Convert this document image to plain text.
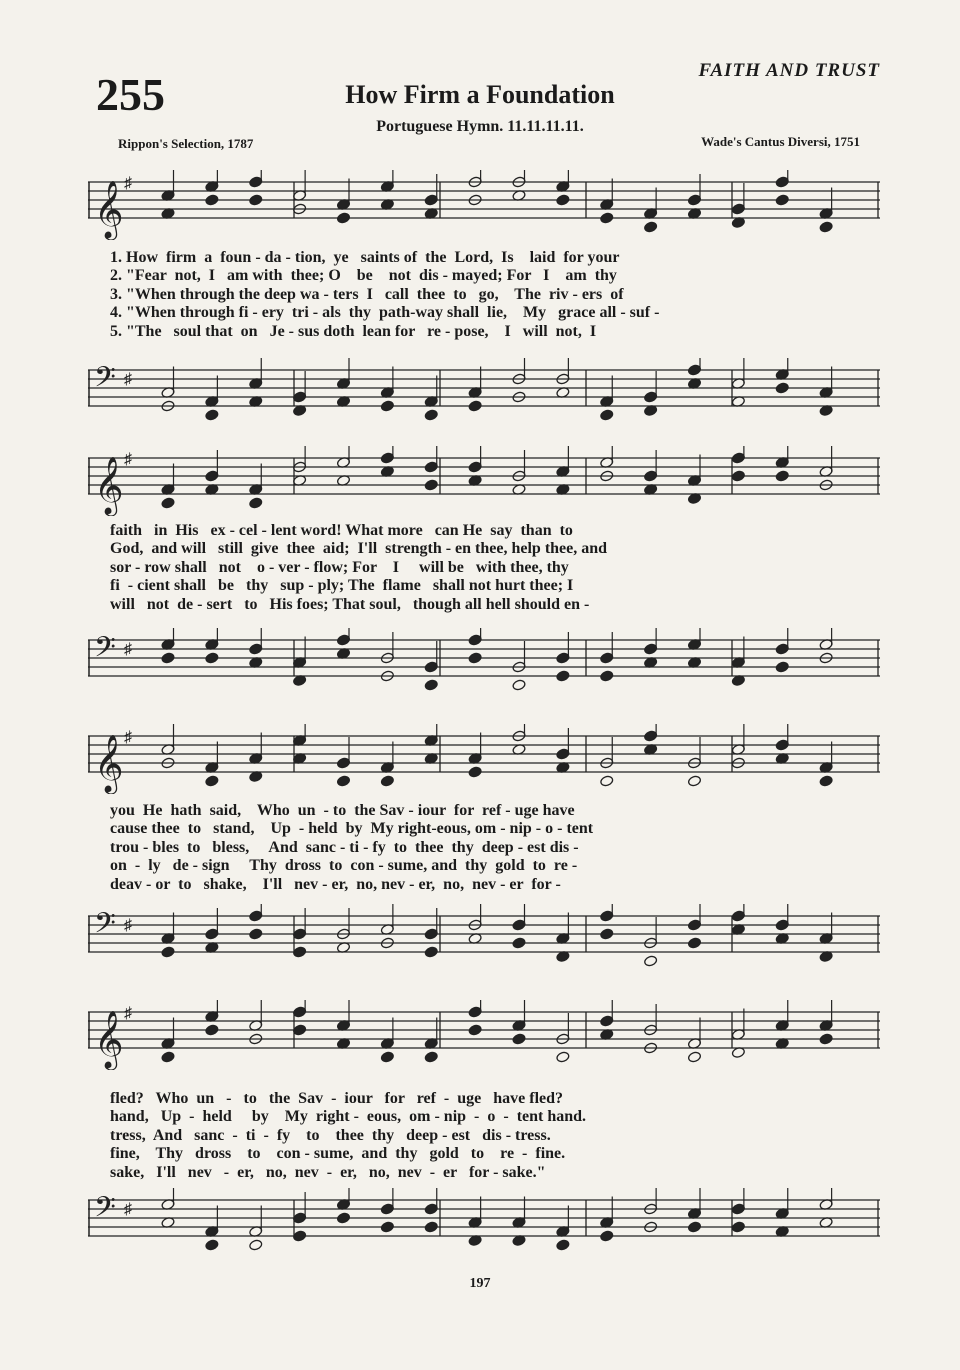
255	FAITH AND TRUST
How Firm a Foundation
Portuguese Hymn. 11.11.11.11.
Rippon's Selection, 1787	Wade's Cantus Diversi, 1751
𝄞 ♯
1. How  firm  a  foun - da - tion,  ye   saints of  the  Lord,  Is    laid  for your
2. "Fear  not,  I   am with  thee; O    be    not  dis - mayed; For   I    am  thy
3. "When through the deep wa - ters  I   call  thee  to   go,    The  riv - ers  of
4. "When through fi - ery  tri - als  thy  path-way shall  lie,    My   grace all - suf -
5. "The   soul that  on   Je - sus doth  lean for   re - pose,    I   will  not,  I
𝄢 ♯
𝄞 ♯
faith   in  His   ex - cel - lent word! What more   can He  say  than  to
God,  and will   still  give  thee  aid;  I'll  strength - en thee, help thee, and
sor - row shall   not    o - ver - flow; For    I     will be   with thee, thy
fi  - cient shall   be   thy   sup - ply; The  flame   shall not hurt thee; I
will   not  de - sert   to   His foes; That soul,   though all hell should en -
𝄢 ♯
𝄞 ♯
you  He  hath  said,    Who  un  - to  the Sav - iour  for  ref - uge have
cause thee  to   stand,    Up  - held  by  My right-eous, om - nip - o - tent
trou - bles  to   bless,     And  sanc - ti - fy  to  thee  thy  deep - est dis -
on  -  ly   de - sign     Thy  dross  to  con - sume, and  thy  gold  to  re -
deav - or  to   shake,    I'll   nev - er,  no, nev - er,  no,  nev - er  for -
𝄢 ♯
𝄞 ♯
fled?   Who  un   -   to   the  Sav  -  iour   for   ref  -  uge   have fled?
hand,   Up  -  held     by    My  right -  eous,  om - nip  -  o  -  tent hand.
tress,  And   sanc  -  ti  -  fy    to    thee  thy   deep - est   dis - tress.
fine,    Thy   dross    to    con - sume,  and  thy   gold   to    re  -  fine.
sake,   I'll   nev   -  er,   no,  nev  -  er,   no,  nev  -  er   for - sake."
𝄢 ♯
197
